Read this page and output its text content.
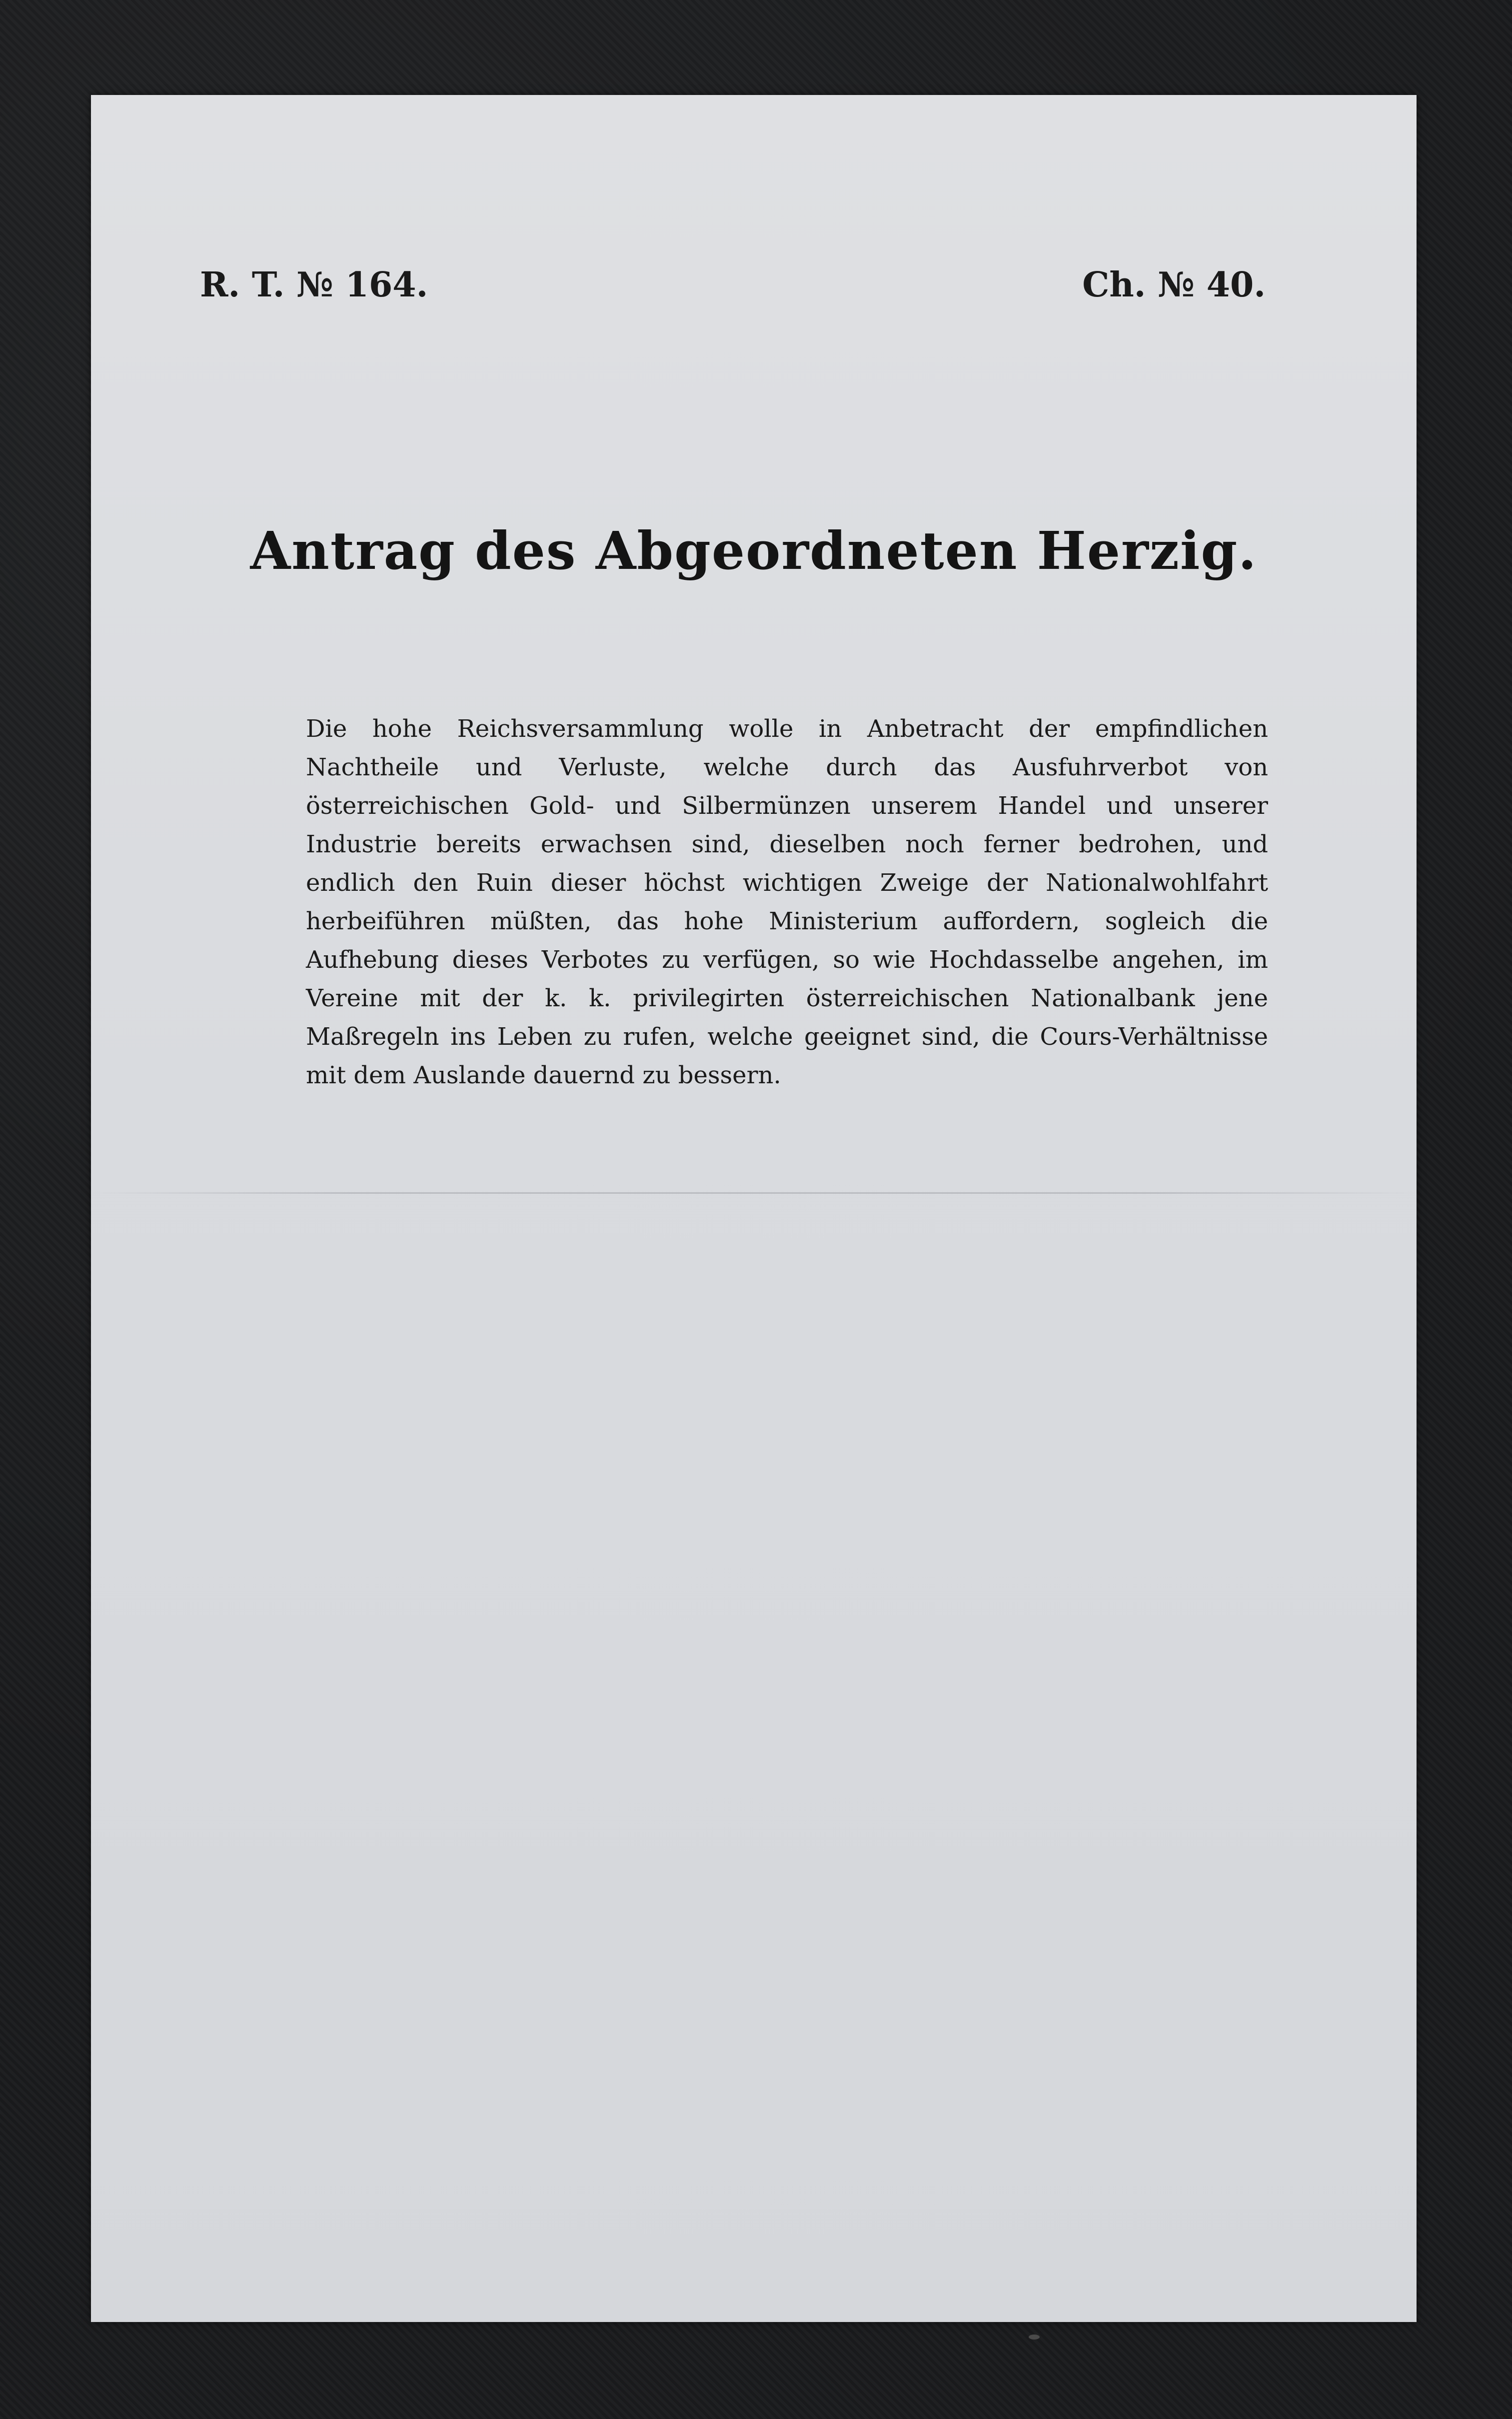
R. T. № 164.	Ch. № 40.
Antrag des Abgeordneten Herzig.
Die hohe Reichsversammlung wolle in Anbetracht der empfindlichen Nachtheile und Verluste, welche durch das Ausfuhrverbot von österreichischen Gold- und Silbermünzen unserem Handel und unserer Industrie bereits erwachsen sind, dieselben noch ferner bedrohen, und endlich den Ruin dieser höchst wichtigen Zweige der Nationalwohlfahrt herbeiführen müßten, das hohe Ministerium auffordern, sogleich die Aufhebung dieses Verbotes zu verfügen, so wie Hochdasselbe angehen, im Vereine mit der k. k. privilegirten österreichischen Nationalbank jene Maßregeln ins Leben zu rufen, welche geeignet sind, die Cours-Verhältnisse mit dem Auslande dauernd zu bessern.
